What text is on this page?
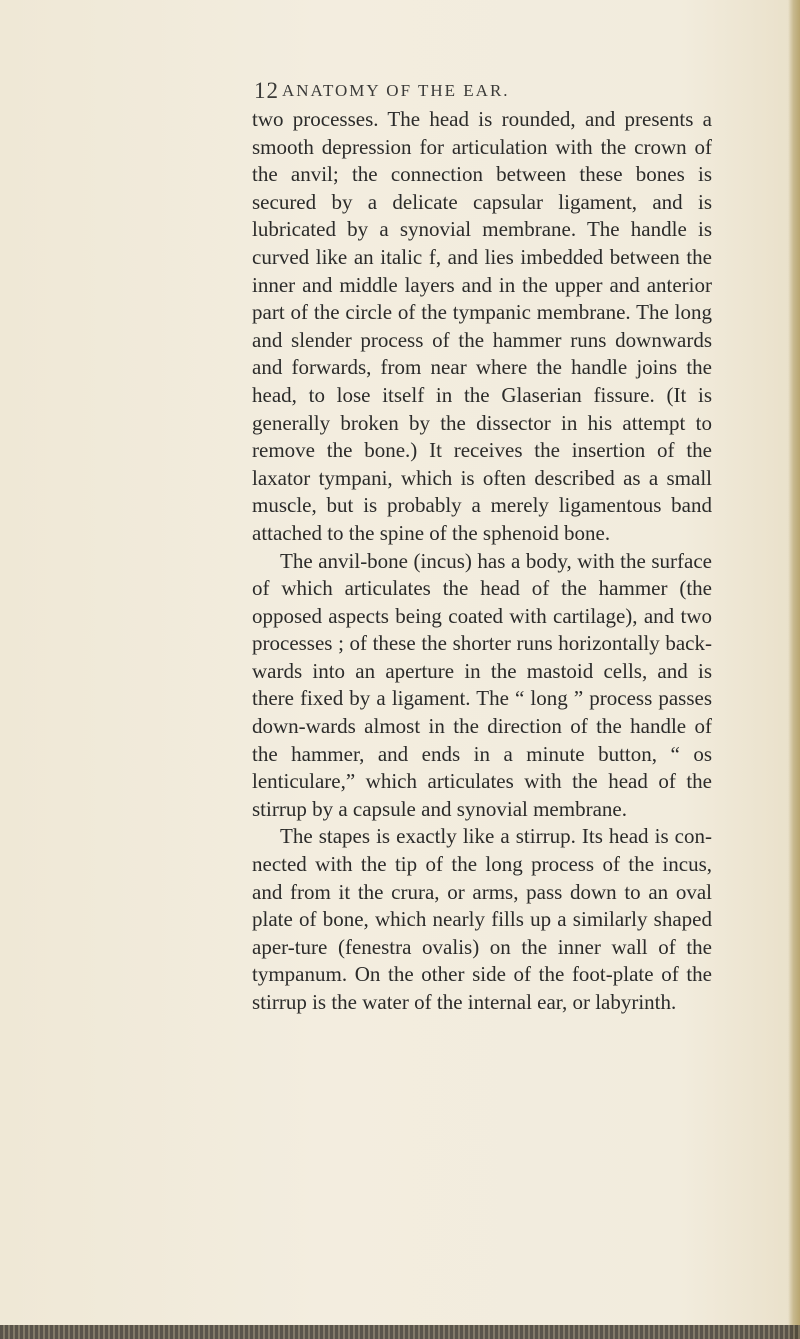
12 ANATOMY OF THE EAR.

two processes. The head is rounded, and presents a smooth depression for articulation with the crown of the anvil; the connection between these bones is secured by a delicate capsular ligament, and is lubricated by a synovial membrane. The handle is curved like an italic f, and lies imbedded between the inner and middle layers and in the upper and anterior part of the circle of the tympanic membrane. The long and slender process of the hammer runs downwards and forwards, from near where the handle joins the head, to lose itself in the Glaserian fissure. (It is generally broken by the dissector in his attempt to remove the bone.) It receives the insertion of the laxator tympani, which is often described as a small muscle, but is probably a merely ligamentous band attached to the spine of the sphenoid bone.

The anvil-bone (incus) has a body, with the surface of which articulates the head of the hammer (the opposed aspects being coated with cartilage), and two processes ; of these the shorter runs horizontally back-wards into an aperture in the mastoid cells, and is there fixed by a ligament. The “ long ” process passes down-wards almost in the direction of the handle of the hammer, and ends in a minute button, “ os lenticulare,” which articulates with the head of the stirrup by a capsule and synovial membrane.

The stapes is exactly like a stirrup. Its head is con-nected with the tip of the long process of the incus, and from it the crura, or arms, pass down to an oval plate of bone, which nearly fills up a similarly shaped aper-ture (fenestra ovalis) on the inner wall of the tympanum. On the other side of the foot-plate of the stirrup is the water of the internal ear, or labyrinth.
